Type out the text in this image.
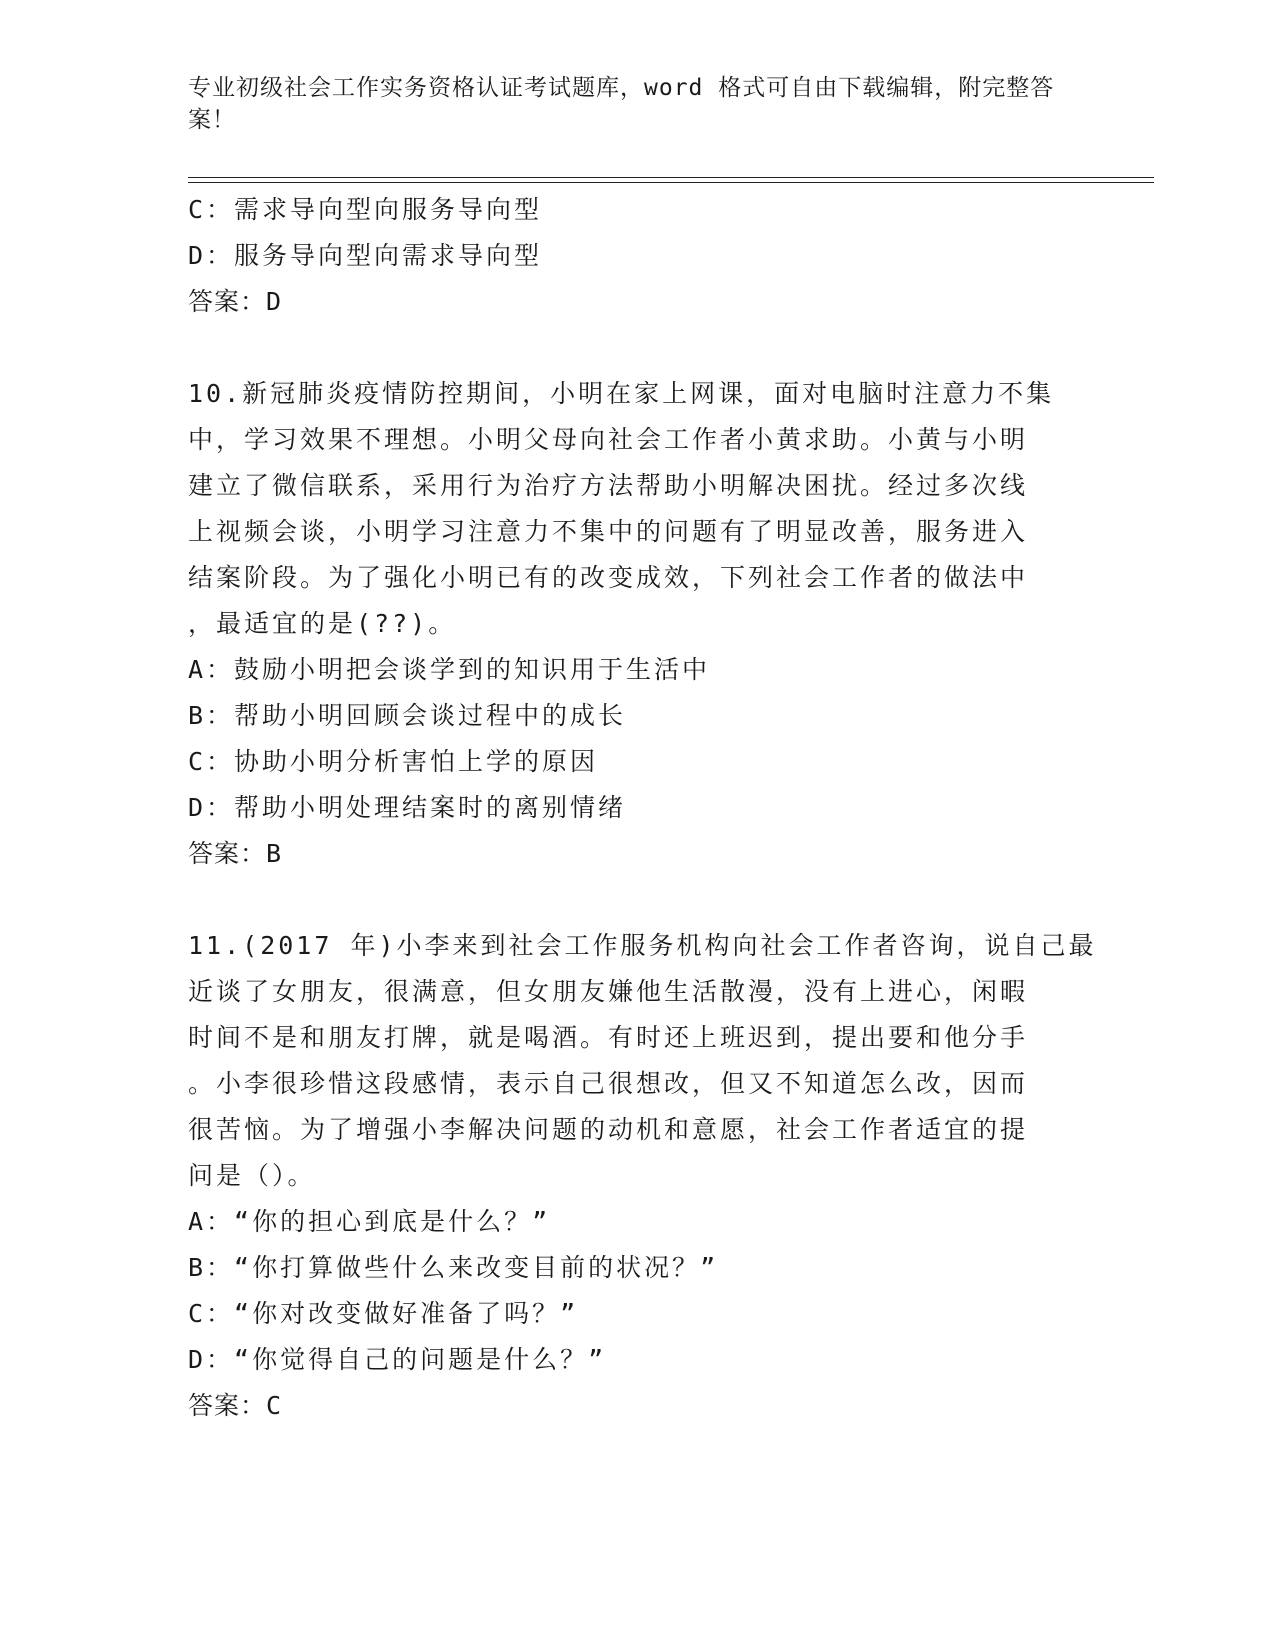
专业初级社会工作实务资格认证考试题库，word 格式可自由下载编辑，附完整答
案！
C：需求导向型向服务导向型
D：服务导向型向需求导向型
答案：D
10.新冠肺炎疫情防控期间，小明在家上网课，面对电脑时注意力不集
中，学习效果不理想。小明父母向社会工作者小黄求助。小黄与小明
建立了微信联系，采用行为治疗方法帮助小明解决困扰。经过多次线
上视频会谈，小明学习注意力不集中的问题有了明显改善，服务进入
结案阶段。为了强化小明已有的改变成效，下列社会工作者的做法中
，最适宜的是(??)。
A：鼓励小明把会谈学到的知识用于生活中
B：帮助小明回顾会谈过程中的成长
C：协助小明分析害怕上学的原因
D：帮助小明处理结案时的离别情绪
答案：B
11.(2017 年)小李来到社会工作服务机构向社会工作者咨询，说自己最
近谈了女朋友，很满意，但女朋友嫌他生活散漫，没有上进心，闲暇
时间不是和朋友打牌，就是喝酒。有时还上班迟到，提出要和他分手
。小李很珍惜这段感情，表示自己很想改，但又不知道怎么改，因而
很苦恼。为了增强小李解决问题的动机和意愿，社会工作者适宜的提
问是（）。
A：“你的担心到底是什么？”
B：“你打算做些什么来改变目前的状况？”
C：“你对改变做好准备了吗？”
D：“你觉得自己的问题是什么？”
答案：C
